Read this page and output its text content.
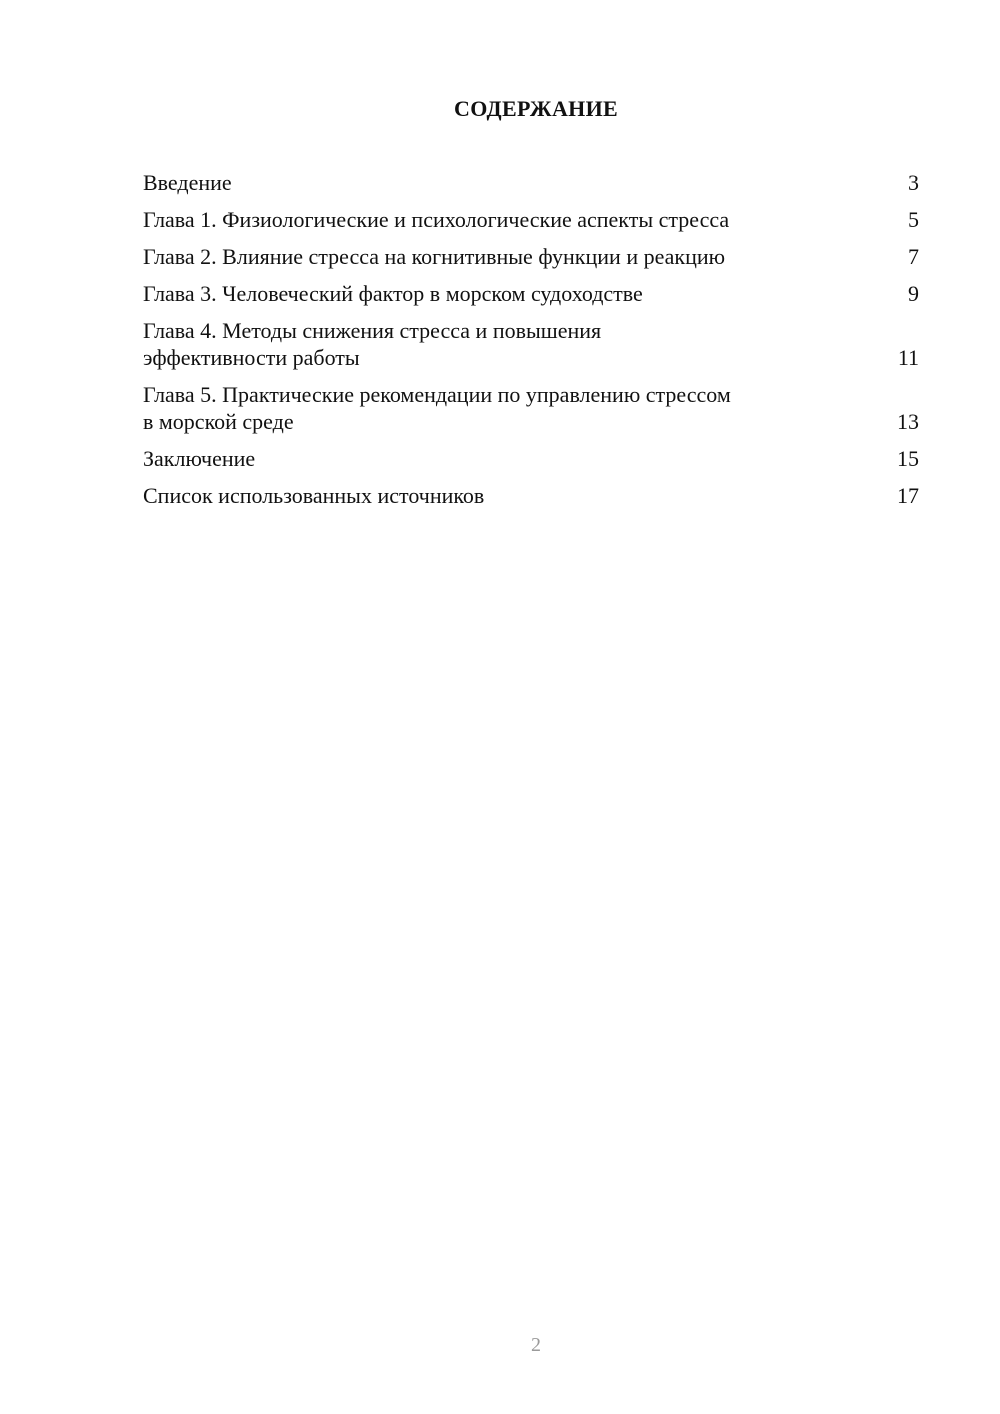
СОДЕРЖАНИЕ
Введение	3
Глава 1. Физиологические и психологические аспекты стресса	5
Глава 2. Влияние стресса на когнитивные функции и реакцию	7
Глава 3. Человеческий фактор в морском судоходстве	9
Глава 4. Методы снижения стресса и повышения
эффективности работы	11
Глава 5. Практические рекомендации по управлению стрессом
в морской среде	13
Заключение	15
Список использованных источников	17
2
